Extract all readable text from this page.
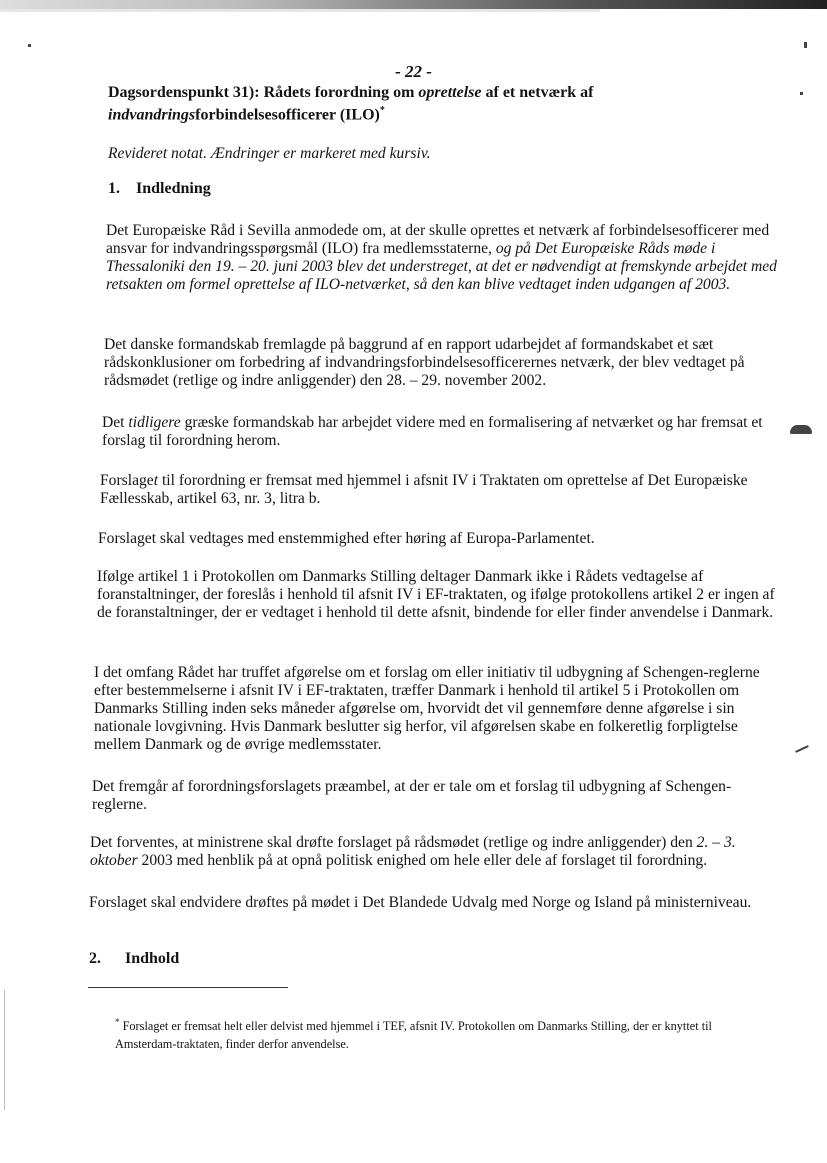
- 22 -
Dagsordenspunkt 31): Rådets forordning om oprettelse af et netværk af indvandringsforbindelsesofficerer (ILO)*
Revideret notat. Ændringer er markeret med kursiv.
1. Indledning
Det Europæiske Råd i Sevilla anmodede om, at der skulle oprettes et netværk af forbindelsesofficerer med ansvar for indvandringsspørgsmål (ILO) fra medlemsstaterne, og på Det Europæiske Råds møde i Thessaloniki den 19. – 20. juni 2003 blev det understreget, at det er nødvendigt at fremskynde arbejdet med retsakten om formel oprettelse af ILO-netværket, så den kan blive vedtaget inden udgangen af 2003.
Det danske formandskab fremlagde på baggrund af en rapport udarbejdet af formandskabet et sæt rådskonklusioner om forbedring af indvandringsforbindelsesofficerernes netværk, der blev vedtaget på rådsmødet (retlige og indre anliggender) den 28. – 29. november 2002.
Det tidligere græske formandskab har arbejdet videre med en formalisering af netværket og har fremsat et forslag til forordning herom.
Forslaget til forordning er fremsat med hjemmel i afsnit IV i Traktaten om oprettelse af Det Europæiske Fællesskab, artikel 63, nr. 3, litra b.
Forslaget skal vedtages med enstemmighed efter høring af Europa-Parlamentet.
Ifølge artikel 1 i Protokollen om Danmarks Stilling deltager Danmark ikke i Rådets vedtagelse af foranstaltninger, der foreslås i henhold til afsnit IV i EF-traktaten, og ifølge protokollens artikel 2 er ingen af de foranstaltninger, der er vedtaget i henhold til dette afsnit, bindende for eller finder anvendelse i Danmark.
I det omfang Rådet har truffet afgørelse om et forslag om eller initiativ til udbygning af Schengen-reglerne efter bestemmelserne i afsnit IV i EF-traktaten, træffer Danmark i henhold til artikel 5 i Protokollen om Danmarks Stilling inden seks måneder afgørelse om, hvorvidt det vil gennemføre denne afgørelse i sin nationale lovgivning. Hvis Danmark beslutter sig herfor, vil afgørelsen skabe en folkeretlig forpligtelse mellem Danmark og de øvrige medlemsstater.
Det fremgår af forordningsforslagets præambel, at der er tale om et forslag til udbygning af Schengen-reglerne.
Det forventes, at ministrene skal drøfte forslaget på rådsmødet (retlige og indre anliggender) den 2. – 3. oktober 2003 med henblik på at opnå politisk enighed om hele eller dele af forslaget til forordning.
Forslaget skal endvidere drøftes på mødet i Det Blandede Udvalg med Norge og Island på ministerniveau.
2. Indhold
* Forslaget er fremsat helt eller delvist med hjemmel i TEF, afsnit IV. Protokollen om Danmarks Stilling, der er knyttet til Amsterdam-traktaten, finder derfor anvendelse.
